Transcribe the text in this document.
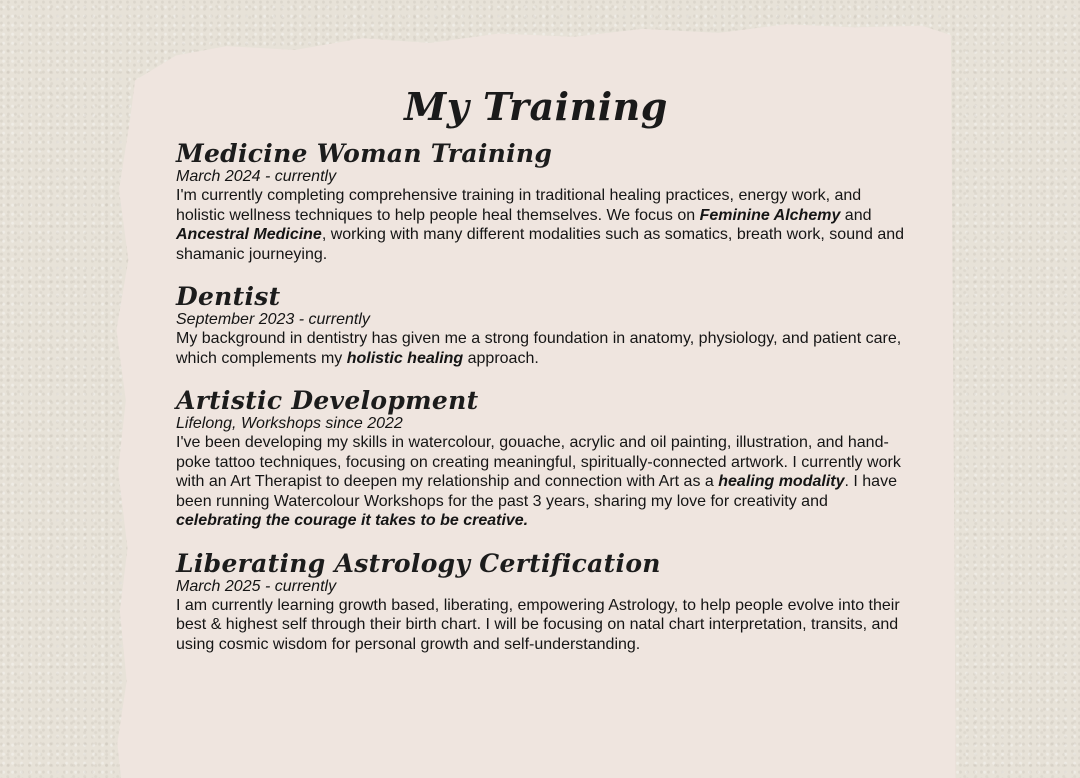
My Training
Medicine Woman Training
March 2024 - currently

I'm currently completing comprehensive training in traditional healing practices, energy work, and holistic wellness techniques to help people heal themselves. We focus on Feminine Alchemy and Ancestral Medicine, working with many different modalities such as somatics, breath work, sound and shamanic journeying.

Dentist
September 2023 - currently

My background in dentistry has given me a strong foundation in anatomy, physiology, and patient care, which complements my holistic healing approach.

Artistic Development
Lifelong, Workshops since 2022

I've been developing my skills in watercolour, gouache, acrylic and oil painting, illustration, and hand-poke tattoo techniques, focusing on creating meaningful, spiritually-connected artwork. I currently work with an Art Therapist to deepen my relationship and connection with Art as a healing modality. I have been running Watercolour Workshops for the past 3 years, sharing my love for creativity and celebrating the courage it takes to be creative.

Liberating Astrology Certification
March 2025 - currently

I am currently learning growth based, liberating, empowering Astrology, to help people evolve into their best & highest self through their birth chart. I will be focusing on natal chart interpretation, transits, and using cosmic wisdom for personal growth and self-understanding.
